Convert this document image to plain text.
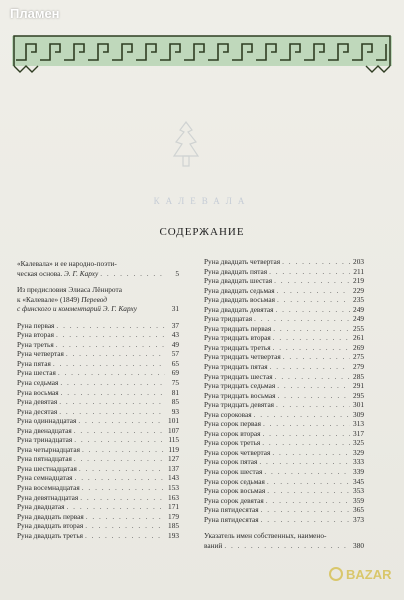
Пламен
КАЛЕВАЛА
СОДЕРЖАНИЕ
«Калевала» и ее народно-поэти-
ческая основа. Э. Г. Карху . . .	5
Из предисловия Элиаса Лённрота
к «Калевале» (1849) Перевод
с финского и комментарий Э. Г. Карху	31
Руна первая . . .	37
Руна вторая . . .	43
Руна третья . . .	49
Руна четвертая . . .	57
Руна пятая . . .	65
Руна шестая . . .	69
Руна седьмая . . .	75
Руна восьмая . . .	81
Руна девятая . . .	85
Руна десятая . . .	93
Руна одиннадцатая . . .	101
Руна двенадцатая . . .	107
Руна тринадцатая . . .	115
Руна четырнадцатая . . .	119
Руна пятнадцатая . . .	127
Руна шестнадцатая . . .	137
Руна семнадцатая . . .	143
Руна восемнадцатая . . .	153
Руна девятнадцатая . . .	163
Руна двадцатая . . .	171
Руна двадцать первая . . .	179
Руна двадцать вторая . . .	185
Руна двадцать третья . . .	193
Руна двадцать четвертая . . .	203
Руна двадцать пятая . . .	211
Руна двадцать шестая . . .	219
Руна двадцать седьмая . . .	229
Руна двадцать восьмая . . .	235
Руна двадцать девятая . . .	249
Руна тридцатая . . .	249
Руна тридцать первая . . .	255
Руна тридцать вторая . . .	261
Руна тридцать третья . . .	269
Руна тридцать четвертая . . .	275
Руна тридцать пятая . . .	279
Руна тридцать шестая . . .	285
Руна тридцать седьмая . . .	291
Руна тридцать восьмая . . .	295
Руна тридцать девятая . . .	301
Руна сороковая . . .	309
Руна сорок первая . . .	313
Руна сорок вторая . . .	317
Руна сорок третья . . .	325
Руна сорок четвертая . . .	329
Руна сорок пятая . . .	333
Руна сорок шестая . . .	339
Руна сорок седьмая . . .	345
Руна сорок восьмая . . .	353
Руна сорок девятая . . .	359
Руна пятидесятая . . .	365
Руна пятидесятая . . .	373
Указатель имен собственных, наимено-
ваний . . .	380
BAZAR
